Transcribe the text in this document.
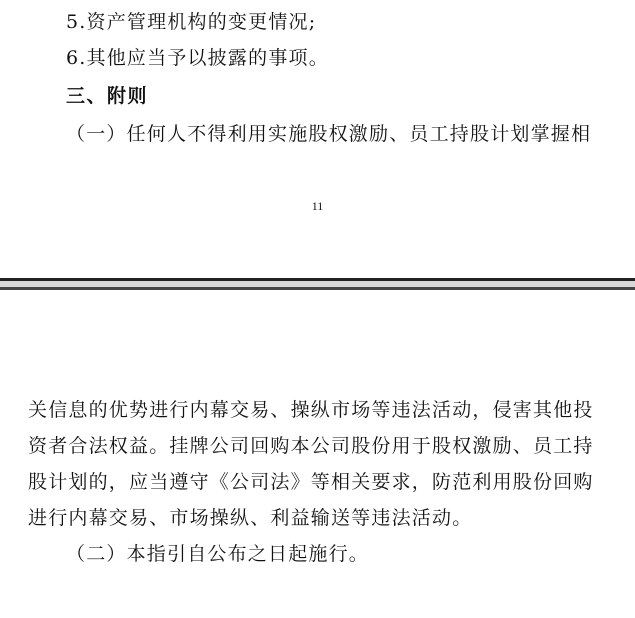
5.资产管理机构的变更情况;
6.其他应当予以披露的事项。
三、附则
（一）任何人不得利用实施股权激励、员工持股计划掌握相
11
关信息的优势进行内幕交易、操纵市场等违法活动，侵害其他投
资者合法权益。挂牌公司回购本公司股份用于股权激励、员工持
股计划的，应当遵守《公司法》等相关要求，防范利用股份回购
进行内幕交易、市场操纵、利益输送等违法活动。
（二）本指引自公布之日起施行。
